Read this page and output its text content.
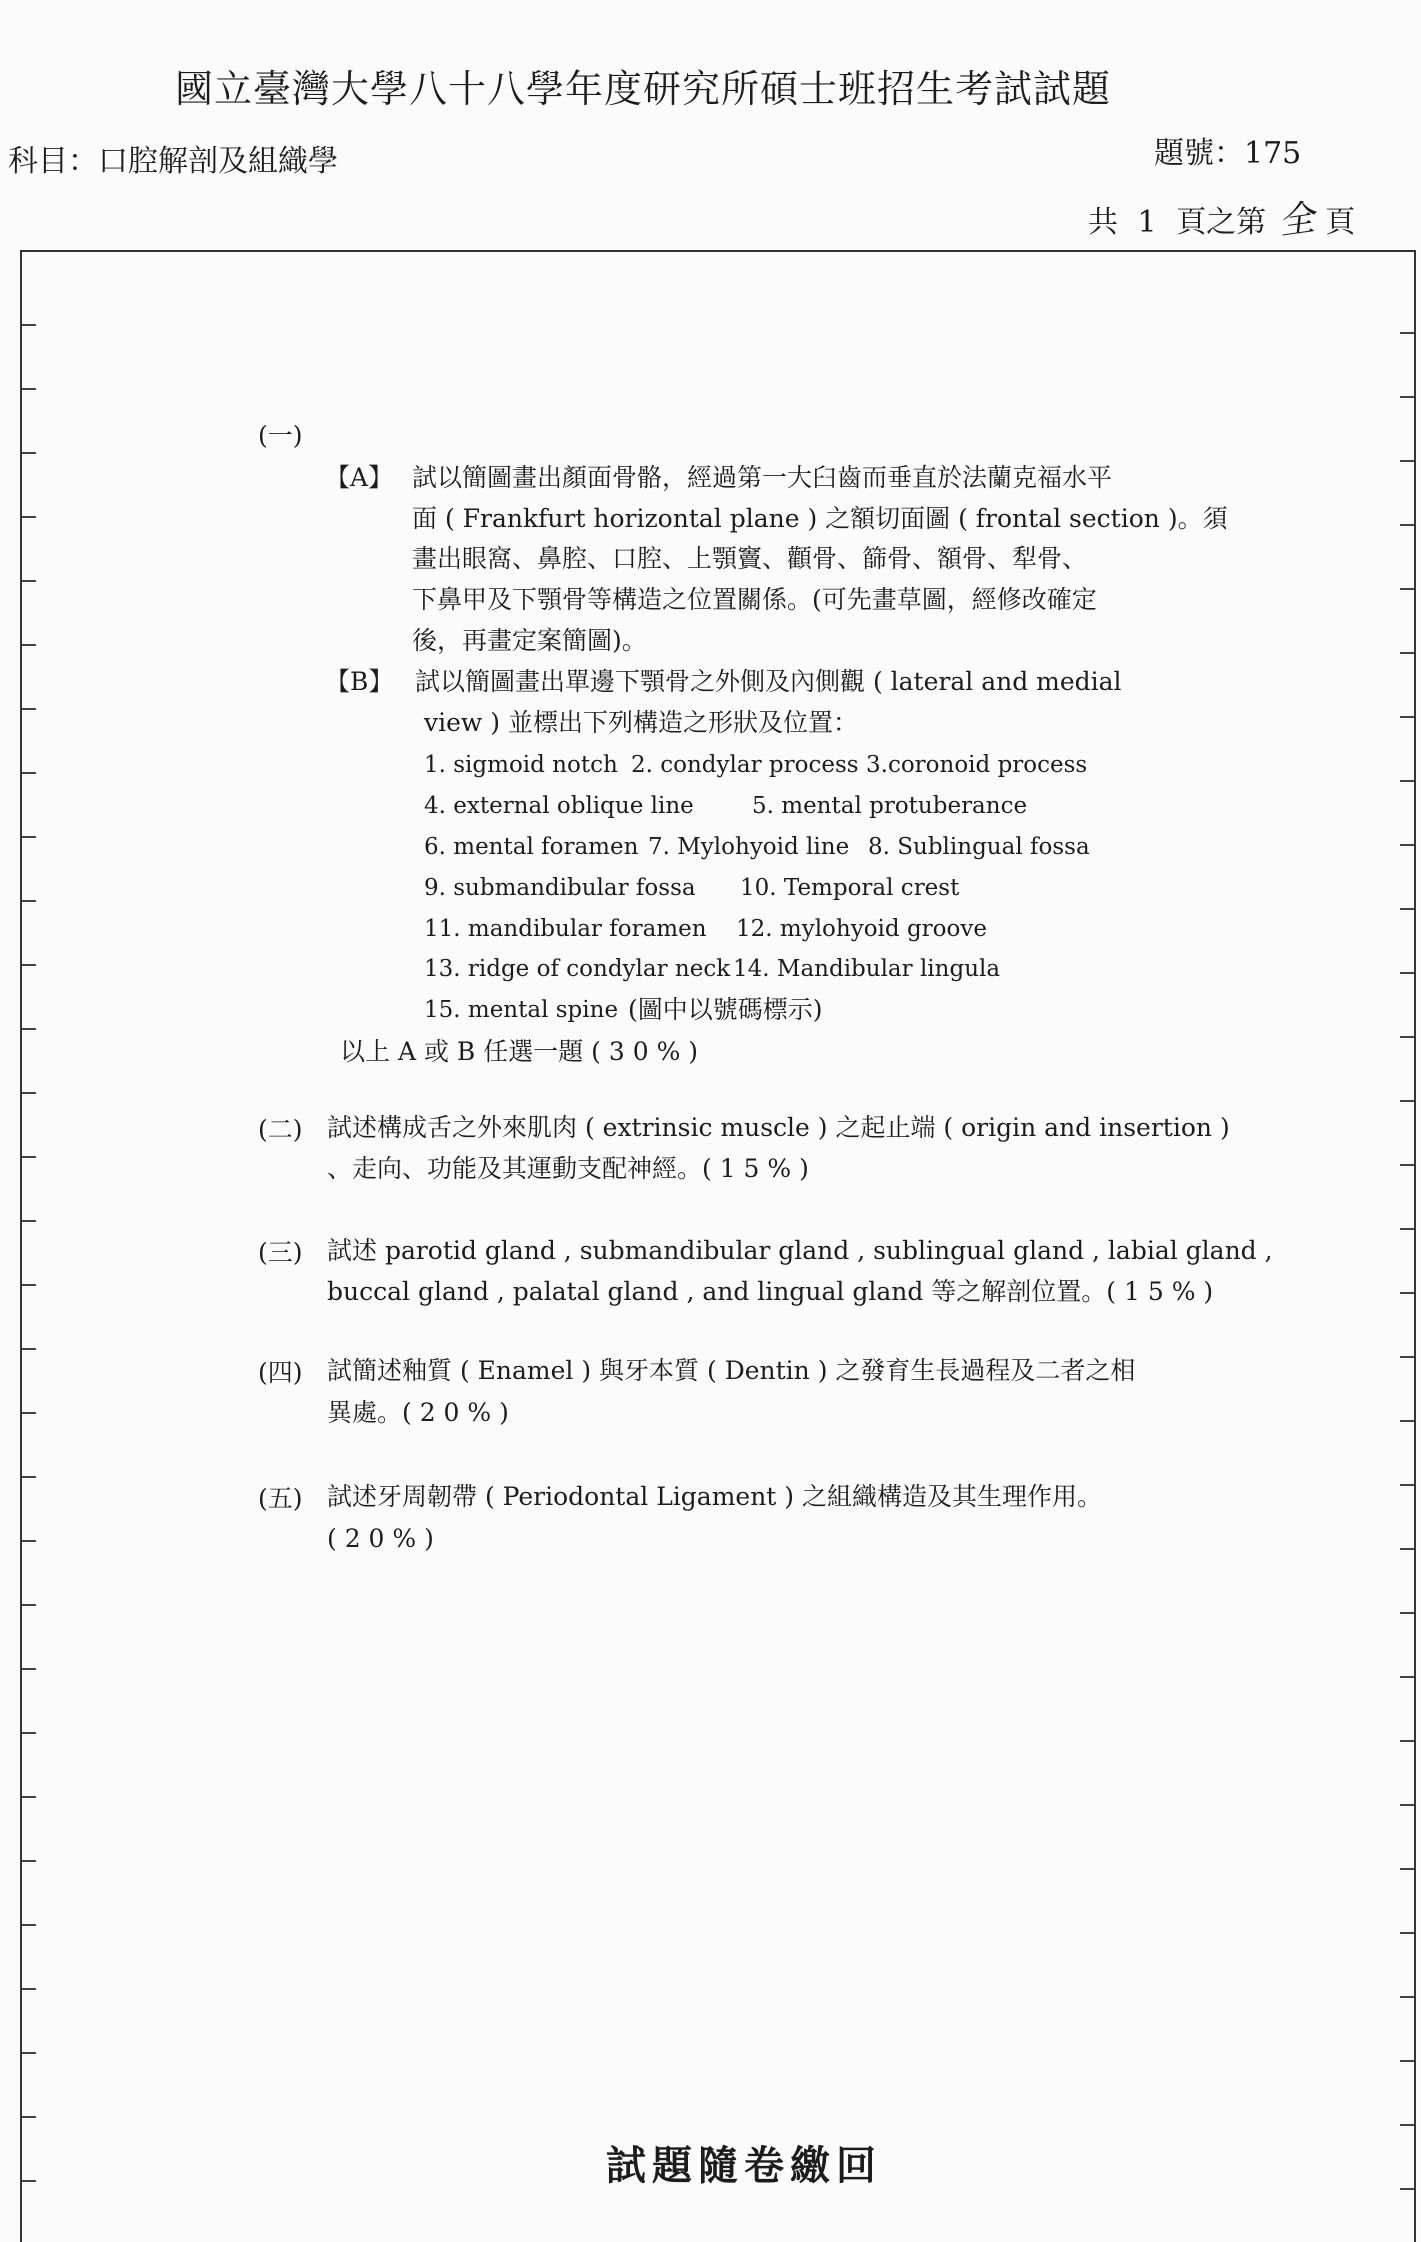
國立臺灣大學八十八學年度研究所碩士班招生考試試題
科目：口腔解剖及組織學	題號：175
共 1 頁之第 全 頁
(一)
【A】 試以簡圖畫出顏面骨骼，經過第一大臼齒而垂直於法蘭克福水平
面 ( Frankfurt horizontal plane ) 之額切面圖 ( frontal section )。須
畫出眼窩、鼻腔、口腔、上顎竇、顴骨、篩骨、額骨、犁骨、
下鼻甲及下顎骨等構造之位置關係。(可先畫草圖，經修改確定
後，再畫定案簡圖)。
【B】 試以簡圖畫出單邊下顎骨之外側及內側觀 ( lateral and medial
view ) 並標出下列構造之形狀及位置：
1. sigmoid notch 2. condylar process 3.coronoid process
4. external oblique line	5. mental protuberance
6. mental foramen 7. Mylohyoid line 8. Sublingual fossa
9. submandibular fossa 10. Temporal crest
11. mandibular foramen 12. mylohyoid groove
13. ridge of condylar neck 14. Mandibular lingula
15. mental spine (圖中以號碼標示)
以上 A 或 B 任選一題 ( 3 0 % )
(二) 試述構成舌之外來肌肉 ( extrinsic muscle ) 之起止端 ( origin and insertion )
、走向、功能及其運動支配神經。( 1 5 % )
(三) 試述 parotid gland , submandibular gland , sublingual gland , labial gland ,
buccal gland , palatal gland , and lingual gland 等之解剖位置。( 1 5 % )
(四) 試簡述釉質 ( Enamel ) 與牙本質 ( Dentin ) 之發育生長過程及二者之相
異處。( 2 0 % )
(五) 試述牙周韌帶 ( Periodontal Ligament ) 之組織構造及其生理作用。
( 2 0 % )
試題隨卷繳回
